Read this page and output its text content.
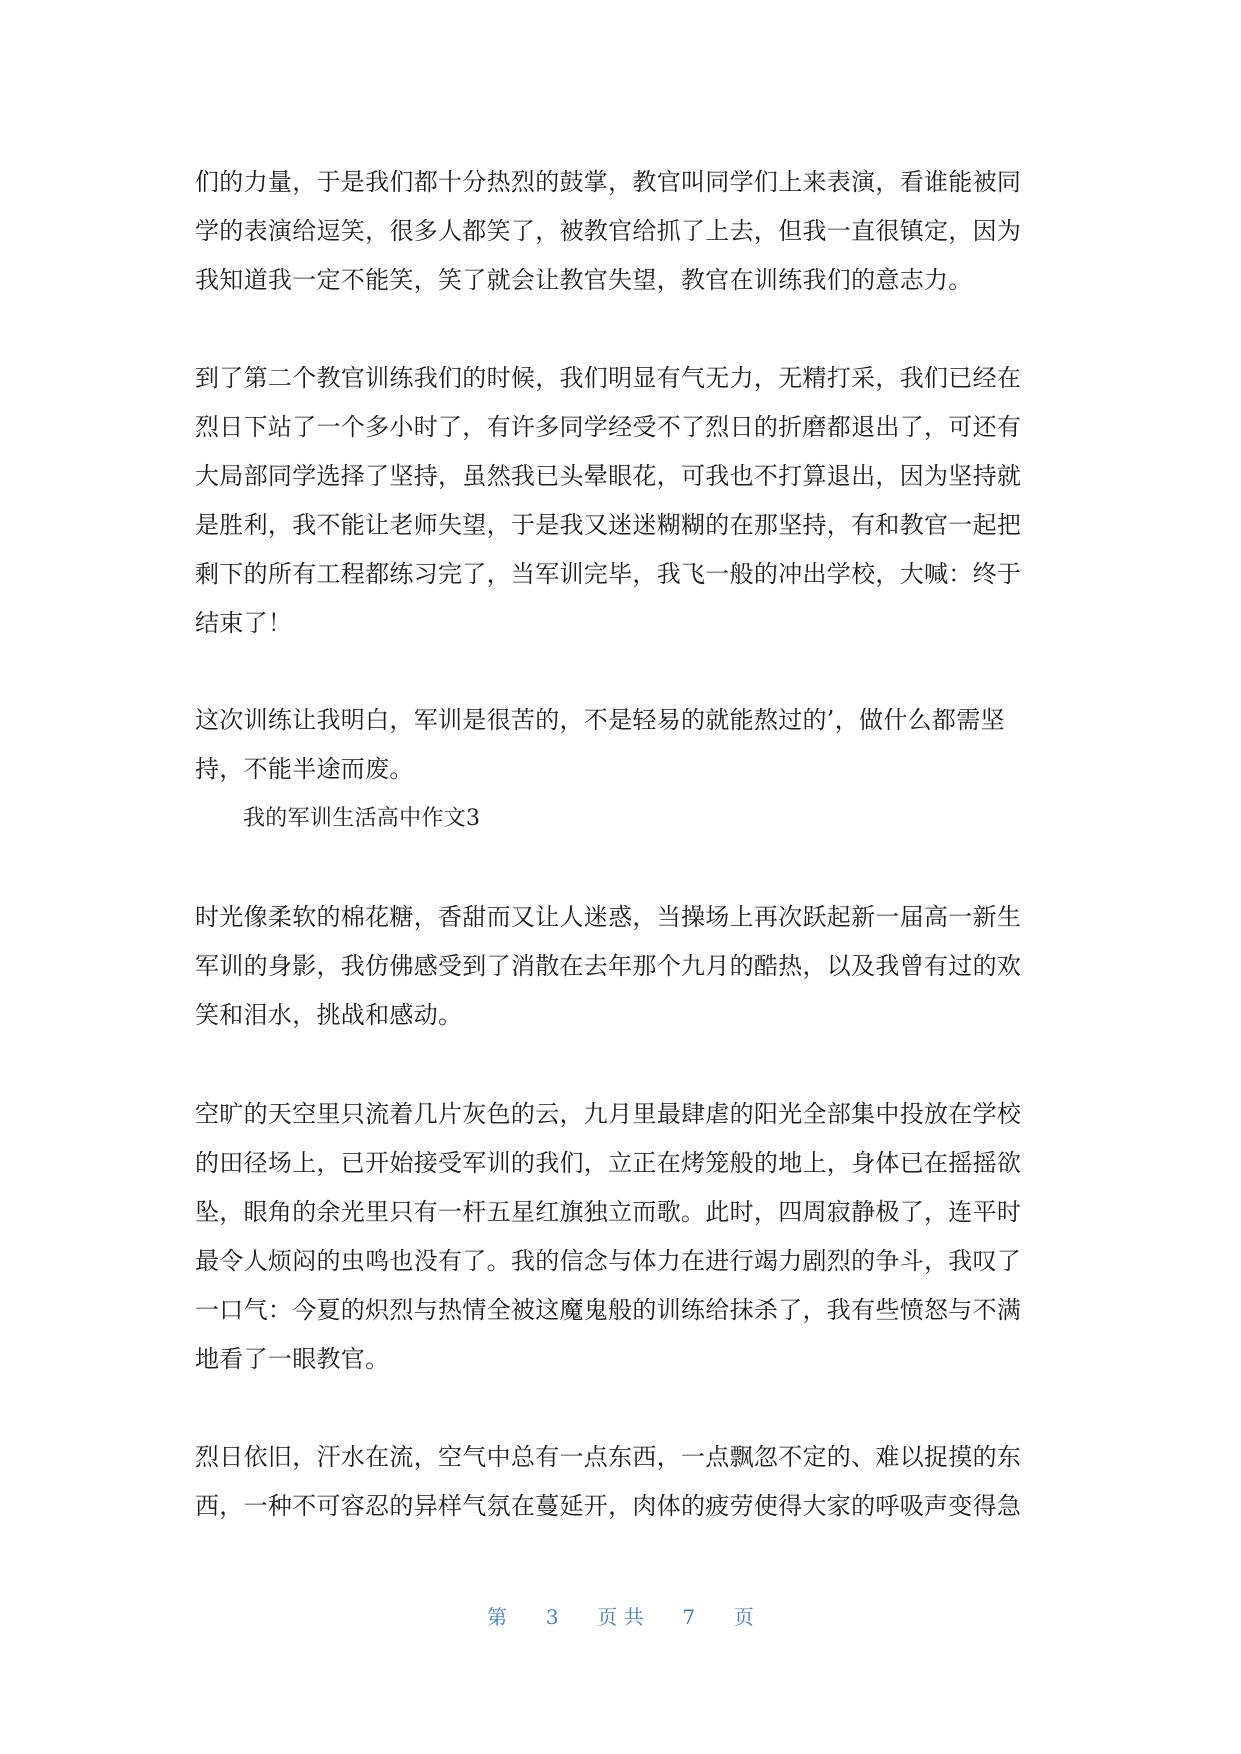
们的力量，于是我们都十分热烈的鼓掌，教官叫同学们上来表演，看谁能被同
学的表演给逗笑，很多人都笑了，被教官给抓了上去，但我一直很镇定，因为
我知道我一定不能笑，笑了就会让教官失望，教官在训练我们的意志力。
到了第二个教官训练我们的时候，我们明显有气无力，无精打采，我们已经在
烈日下站了一个多小时了，有许多同学经受不了烈日的折磨都退出了，可还有
大局部同学选择了坚持，虽然我已头晕眼花，可我也不打算退出，因为坚持就
是胜利，我不能让老师失望，于是我又迷迷糊糊的在那坚持，有和教官一起把
剩下的所有工程都练习完了，当军训完毕，我飞一般的冲出学校，大喊：终于
结束了！
这次训练让我明白，军训是很苦的，不是轻易的就能熬过的’，做什么都需坚
持，不能半途而废。
我的军训生活高中作文3
时光像柔软的棉花糖，香甜而又让人迷惑，当操场上再次跃起新一届高一新生
军训的身影，我仿佛感受到了消散在去年那个九月的酷热，以及我曾有过的欢
笑和泪水，挑战和感动。
空旷的天空里只流着几片灰色的云，九月里最肆虐的阳光全部集中投放在学校
的田径场上，已开始接受军训的我们，立正在烤笼般的地上，身体已在摇摇欲
坠，眼角的余光里只有一杆五星红旗独立而歌。此时，四周寂静极了，连平时
最令人烦闷的虫鸣也没有了。我的信念与体力在进行竭力剧烈的争斗，我叹了
一口气：今夏的炽烈与热情全被这魔鬼般的训练给抹杀了，我有些愤怒与不满
地看了一眼教官。
烈日依旧，汗水在流，空气中总有一点东西，一点飘忽不定的、难以捉摸的东
西，一种不可容忍的异样气氛在蔓延开，肉体的疲劳使得大家的呼吸声变得急
第 3 页 共 7 页
